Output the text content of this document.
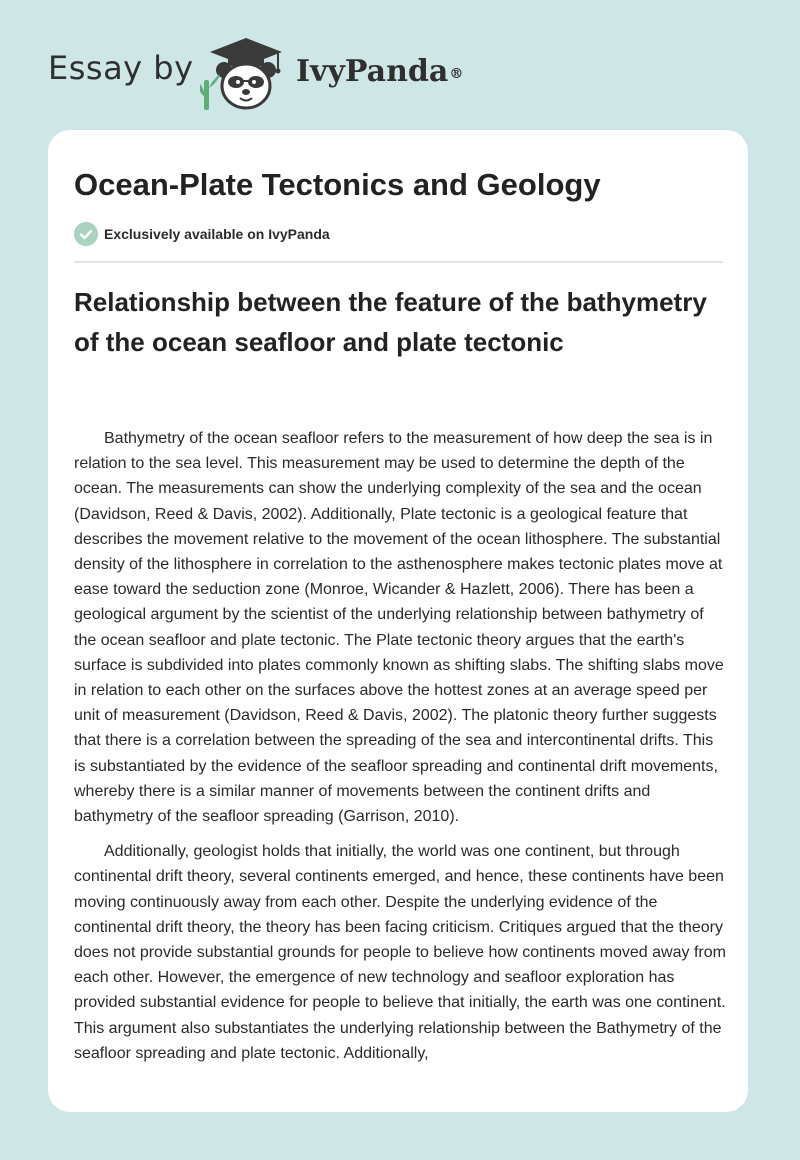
Essay by	IvyPanda®
Ocean-Plate Tectonics and Geology
Exclusively available on IvyPanda
Relationship between the feature of the bathymetry of the ocean seafloor and plate tectonic

Bathymetry of the ocean seafloor refers to the measurement of how deep the sea is in relation to the sea level. This measurement may be used to determine the depth of the ocean. The measurements can show the underlying complexity of the sea and the ocean (Davidson, Reed & Davis, 2002). Additionally, Plate tectonic is a geological feature that describes the movement relative to the movement of the ocean lithosphere. The substantial density of the lithosphere in correlation to the asthenosphere makes tectonic plates move at ease toward the seduction zone (Monroe, Wicander & Hazlett, 2006). There has been a geological argument by the scientist of the underlying relationship between bathymetry of the ocean seafloor and plate tectonic. The Plate tectonic theory argues that the earth's surface is subdivided into plates commonly known as shifting slabs. The shifting slabs move in relation to each other on the surfaces above the hottest zones at an average speed per unit of measurement (Davidson, Reed & Davis, 2002). The platonic theory further suggests that there is a correlation between the spreading of the sea and intercontinental drifts. This is substantiated by the evidence of the seafloor spreading and continental drift movements, whereby there is a similar manner of movements between the continent drifts and bathymetry of the seafloor spreading (Garrison, 2010).

Additionally, geologist holds that initially, the world was one continent, but through continental drift theory, several continents emerged, and hence, these continents have been moving continuously away from each other. Despite the underlying evidence of the continental drift theory, the theory has been facing criticism. Critiques argued that the theory does not provide substantial grounds for people to believe how continents moved away from each other. However, the emergence of new technology and seafloor exploration has provided substantial evidence for people to believe that initially, the earth was one continent. This argument also substantiates the underlying relationship between the Bathymetry of the seafloor spreading and plate tectonic. Additionally,
